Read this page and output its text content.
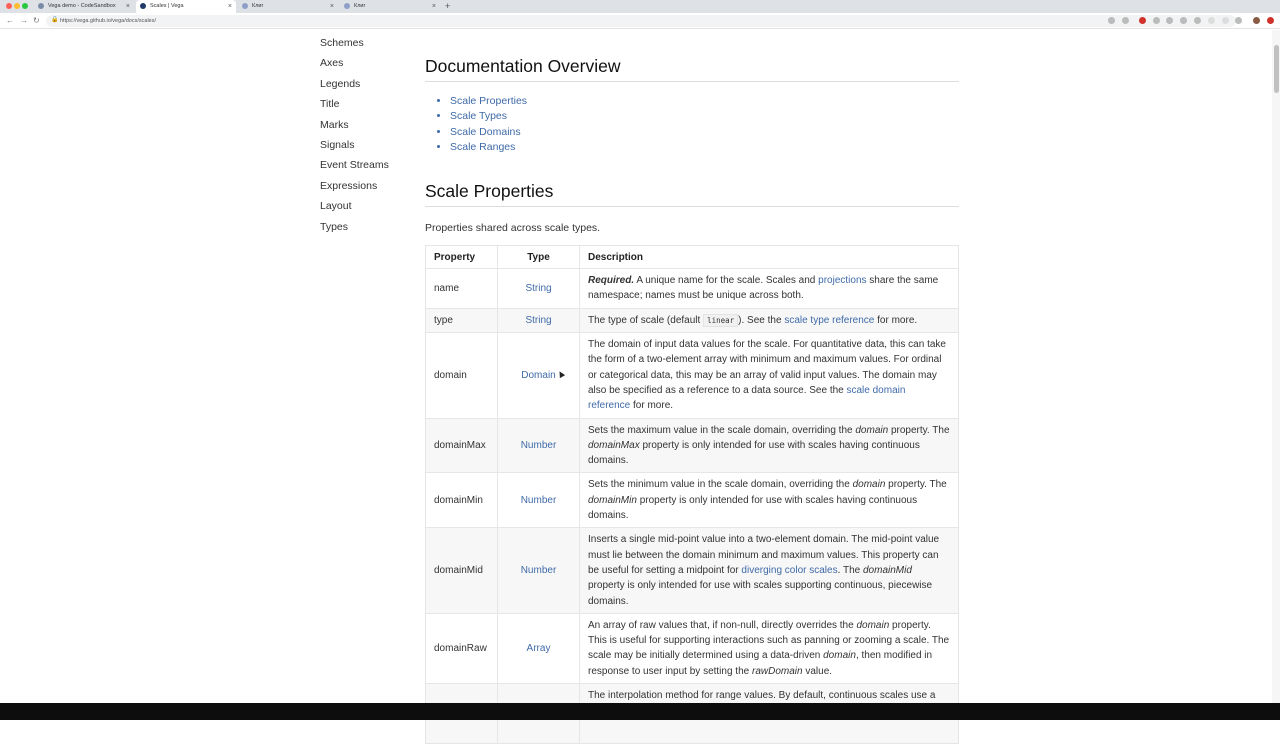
Vega demo - CodeSandbox ×	Scales | Vega	×	Клиг	×	Клиг	× +
← → ↻ 🔒 https://vega.github.io/vega/docs/scales/
Schemes
Axes
Legends
Title
Marks
Signals
Event Streams
Expressions
Layout
Types
Documentation Overview
• Scale Properties
• Scale Types
• Scale Domains
• Scale Ranges
Scale Properties

Properties shared across scale types.

Property	Type	Description
name	String	Required. A unique name for the scale. Scales and projections share the same namespace; names must be unique across both.
type	String	The type of scale (default linear ). See the scale type reference for more.
domain	Domain	The domain of input data values for the scale. For quantitative data, this can take the form of a two-element array with minimum and maximum values. For ordinal or categorical data, this may be an array of valid input values. The domain may also be specified as a reference to a data source. See the scale domain reference for more.
domainMax	Number	Sets the maximum value in the scale domain, overriding the domain property. The domainMax property is only intended for use with scales having continuous domains.
domainMin	Number	Sets the minimum value in the scale domain, overriding the domain property. The domainMin property is only intended for use with scales having continuous domains.
domainMid	Number	Inserts a single mid-point value into a two-element domain. The mid-point value must lie between the domain minimum and maximum values. This property can be useful for setting a midpoint for diverging color scales. The domainMid property is only intended for use with scales supporting continuous, piecewise domains.
domainRaw	Array	An array of raw values that, if non-null, directly overrides the domain property. This is useful for supporting interactions such as panning or zooming a scale. The scale may be initially determined using a data-driven domain, then modified in response to user input by setting the rawDomain value.
		The interpolation method for range values. By default, continuous scales use a
